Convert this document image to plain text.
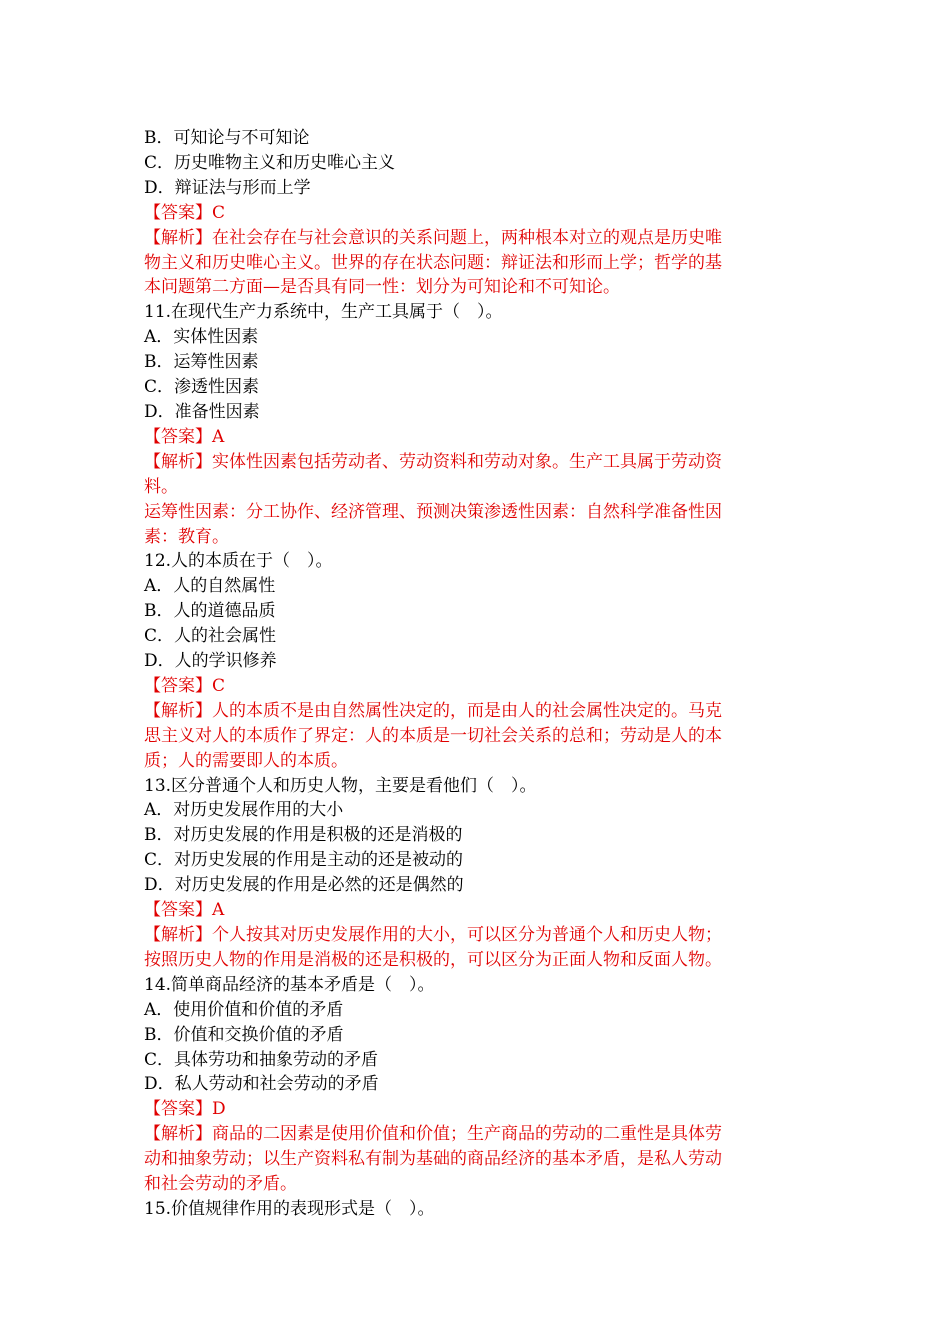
B．可知论与不可知论
C．历史唯物主义和历史唯心主义
D．辩证法与形而上学
【答案】C
【解析】在社会存在与社会意识的关系问题上，两种根本对立的观点是历史唯
物主义和历史唯心主义。世界的存在状态问题：辩证法和形而上学；哲学的基
本问题第二方面—是否具有同一性：划分为可知论和不可知论。
11.在现代生产力系统中，生产工具属于（　）。
A．实体性因素
B．运筹性因素
C．渗透性因素
D．准备性因素
【答案】A
【解析】实体性因素包括劳动者、劳动资料和劳动对象。生产工具属于劳动资
料。
运筹性因素：分工协作、经济管理、预测决策渗透性因素：自然科学准备性因
素：教育。
12.人的本质在于（　）。
A．人的自然属性
B．人的道德品质
C．人的社会属性
D．人的学识修养
【答案】C
【解析】人的本质不是由自然属性决定的，而是由人的社会属性决定的。马克
思主义对人的本质作了界定：人的本质是一切社会关系的总和；劳动是人的本
质；人的需要即人的本质。
13.区分普通个人和历史人物，主要是看他们（　）。
A．对历史发展作用的大小
B．对历史发展的作用是积极的还是消极的
C．对历史发展的作用是主动的还是被动的
D．对历史发展的作用是必然的还是偶然的
【答案】A
【解析】个人按其对历史发展作用的大小，可以区分为普通个人和历史人物；
按照历史人物的作用是消极的还是积极的，可以区分为正面人物和反面人物。
14.简单商品经济的基本矛盾是（　）。
A．使用价值和价值的矛盾
B．价值和交换价值的矛盾
C．具体劳功和抽象劳动的矛盾
D．私人劳动和社会劳动的矛盾
【答案】D
【解析】商品的二因素是使用价值和价值；生产商品的劳动的二重性是具体劳
动和抽象劳动；以生产资料私有制为基础的商品经济的基本矛盾，是私人劳动
和社会劳动的矛盾。
15.价值规律作用的表现形式是（　）。
